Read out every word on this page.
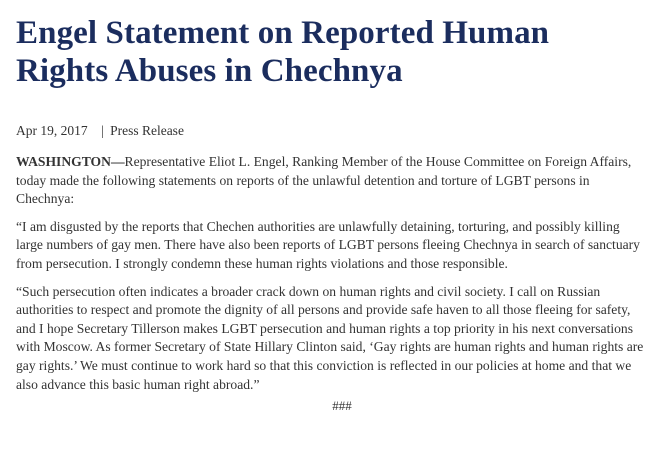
Engel Statement on Reported Human
Rights Abuses in Chechnya
Apr 19, 2017 | Press Release

WASHINGTON—Representative Eliot L. Engel, Ranking Member of the House Committee on Foreign Affairs, today made the following statements on reports of the unlawful detention and torture of LGBT persons in Chechnya:

“I am disgusted by the reports that Chechen authorities are unlawfully detaining, torturing, and possibly killing large numbers of gay men. There have also been reports of LGBT persons fleeing Chechnya in search of sanctuary from persecution. I strongly condemn these human rights violations and those responsible.

“Such persecution often indicates a broader crack down on human rights and civil society. I call on Russian authorities to respect and promote the dignity of all persons and provide safe haven to all those fleeing for safety, and I hope Secretary Tillerson makes LGBT persecution and human rights a top priority in his next conversations with Moscow. As former Secretary of State Hillary Clinton said, ‘Gay rights are human rights and human rights are gay rights.’ We must continue to work hard so that this conviction is reflected in our policies at home and that we also advance this basic human right abroad.”

###
